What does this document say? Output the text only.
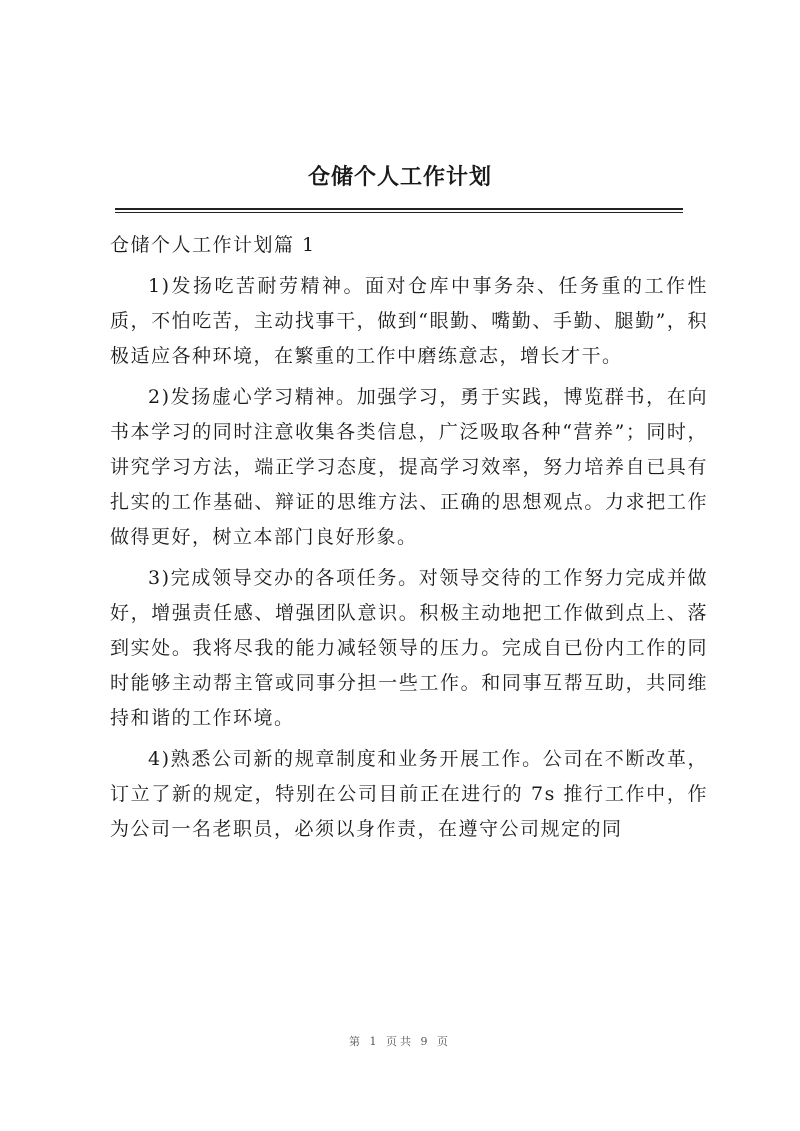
仓储个人工作计划

仓储个人工作计划篇 1

1)发扬吃苦耐劳精神。面对仓库中事务杂、任务重的工作性质，不怕吃苦，主动找事干，做到“眼勤、嘴勤、手勤、腿勤”，积极适应各种环境，在繁重的工作中磨练意志，增长才干。

2)发扬虚心学习精神。加强学习，勇于实践，博览群书，在向书本学习的同时注意收集各类信息，广泛吸取各种“营养”；同时，讲究学习方法，端正学习态度，提高学习效率，努力培养自已具有扎实的工作基础、辩证的思维方法、正确的思想观点。力求把工作做得更好，树立本部门良好形象。

3)完成领导交办的各项任务。对领导交待的工作努力完成并做好，增强责任感、增强团队意识。积极主动地把工作做到点上、落到实处。我将尽我的能力减轻领导的压力。完成自已份内工作的同时能够主动帮主管或同事分担一些工作。和同事互帮互助，共同维持和谐的工作环境。

4)熟悉公司新的规章制度和业务开展工作。公司在不断改革，订立了新的规定，特别在公司目前正在进行的 7s 推行工作中，作为公司一名老职员，必须以身作责，在遵守公司规定的同

第 1 页共 9 页
